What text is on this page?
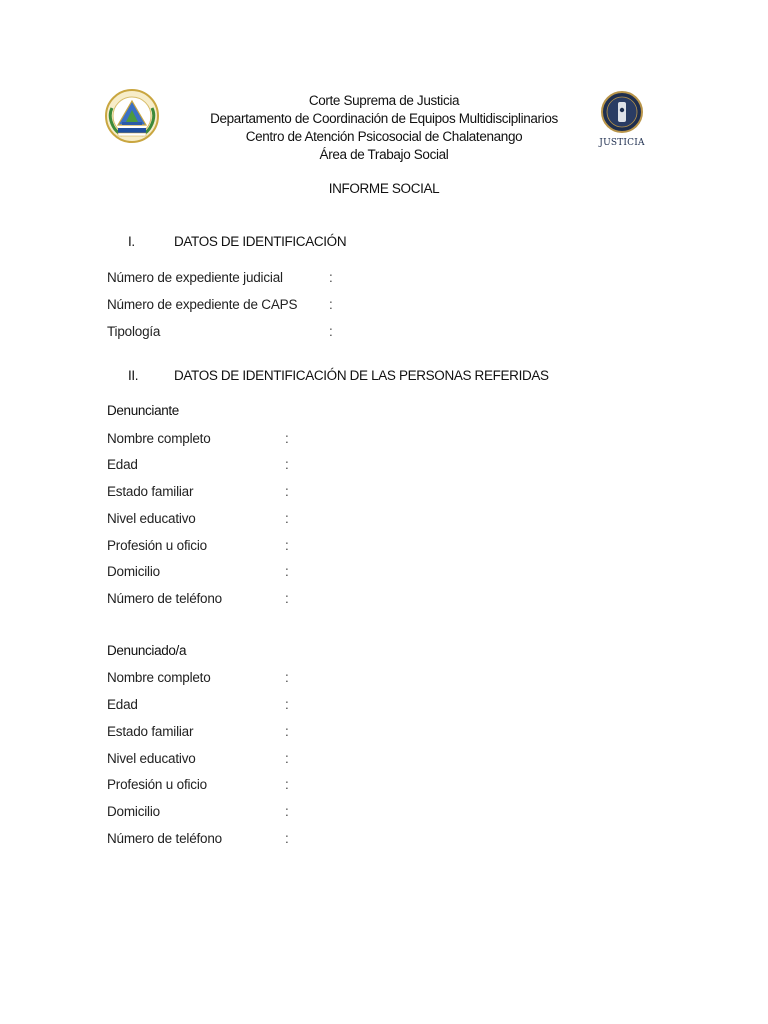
Corte Suprema de Justicia
Departamento de Coordinación de Equipos Multidisciplinarios
Centro de Atención Psicosocial de Chalatenango
Área de Trabajo Social
JUSTICIA
INFORME SOCIAL
I.	DATOS DE IDENTIFICACIÓN
Número de expediente judicial	:
Número de expediente de CAPS :
Tipología	:
II.	DATOS DE IDENTIFICACIÓN DE LAS PERSONAS REFERIDAS
Denunciante
Nombre completo	:
Edad	:
Estado familiar	:
Nivel educativo	:
Profesión u oficio	:
Domicilio	:
Número de teléfono	:
Denunciado/a
Nombre completo	:
Edad	:
Estado familiar	:
Nivel educativo	:
Profesión u oficio	:
Domicilio	:
Número de teléfono	:
